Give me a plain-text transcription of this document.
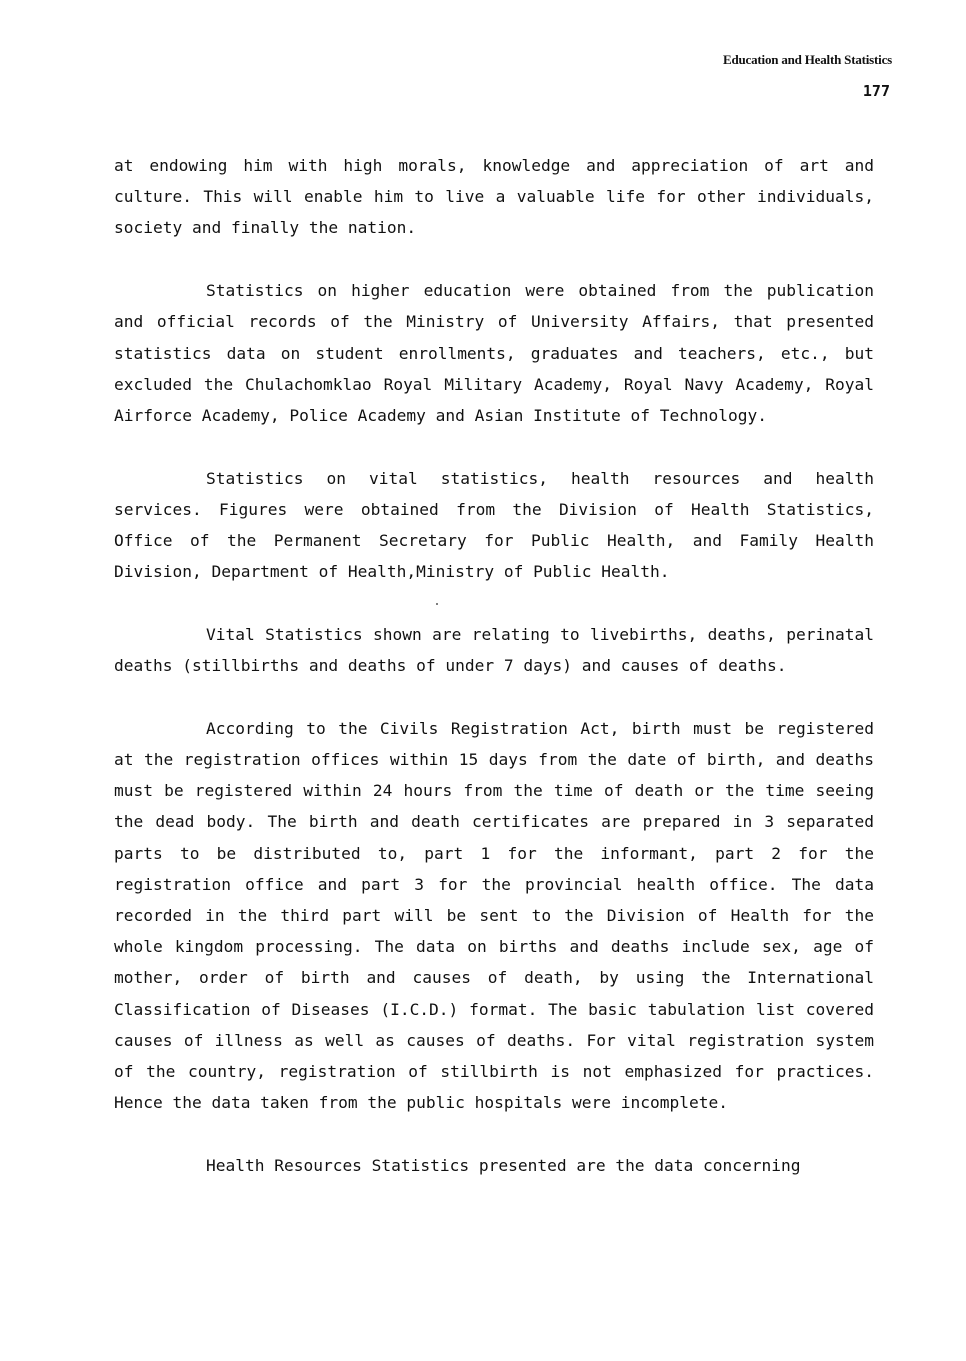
Education and Health Statistics
177

at endowing him with high morals, knowledge and appreciation of art and culture. This will enable him to live a valuable life for other individuals, society and finally the nation.

Statistics on higher education were obtained from the publication and official records of the Ministry of University Affairs, that presented statistics data on student enrollments, graduates and teachers, etc., but excluded the Chulachomklao Royal Military Academy, Royal Navy Academy, Royal Airforce Academy, Police Academy and Asian Institute of Technology.

Statistics on vital statistics, health resources and health services. Figures were obtained from the Division of Health Statistics, Office of the Permanent Secretary for Public Health, and Family Health Division, Department of Health,Ministry of Public Health.

Vital Statistics shown are relating to livebirths, deaths, perinatal deaths (stillbirths and deaths of under 7 days) and causes of deaths.

According to the Civils Registration Act, birth must be registered at the registration offices within 15 days from the date of birth, and deaths must be registered within 24 hours from the time of death or the time seeing the dead body. The birth and death certificates are prepared in 3 separated parts to be distributed to, part 1 for the informant, part 2 for the registration office and part 3 for the provincial health office. The data recorded in the third part will be sent to the Division of Health for the whole kingdom processing. The data on births and deaths include sex, age of mother, order of birth and causes of death, by using the International Classification of Diseases (I.C.D.) format. The basic tabulation list covered causes of illness as well as causes of deaths. For vital registration system of the country, registration of stillbirth is not emphasized for practices. Hence the data taken from the public hospitals were incomplete.

Health Resources Statistics presented are the data concerning
